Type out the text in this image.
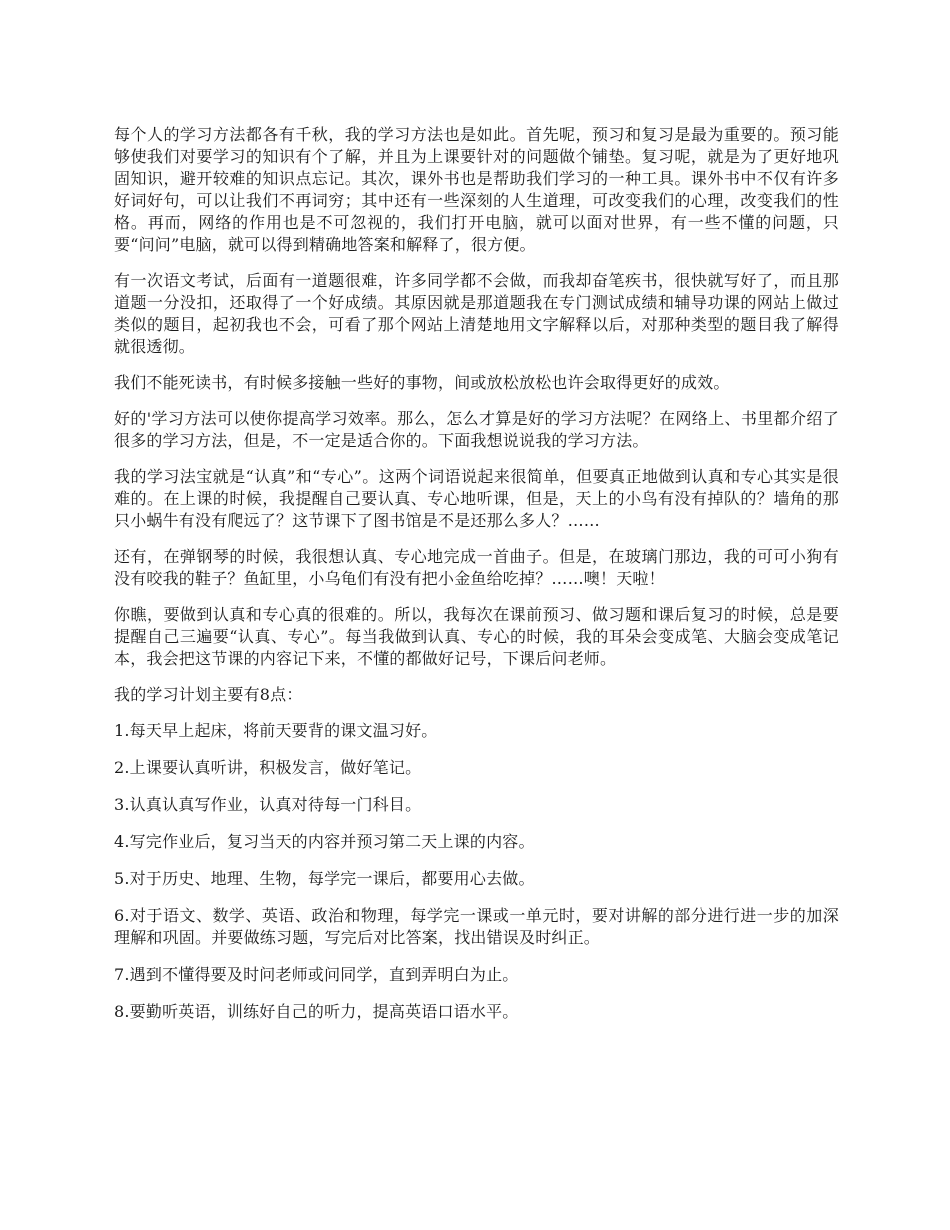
每个人的学习方法都各有千秋，我的学习方法也是如此。首先呢，预习和复习是最为重要的。预习能够使我们对要学习的知识有个了解，并且为上课要针对的问题做个铺垫。复习呢，就是为了更好地巩固知识，避开较难的知识点忘记。其次，课外书也是帮助我们学习的一种工具。课外书中不仅有许多好词好句，可以让我们不再词穷；其中还有一些深刻的人生道理，可改变我们的心理，改变我们的性格。再而，网络的作用也是不可忽视的，我们打开电脑，就可以面对世界，有一些不懂的问题，只要“问问”电脑，就可以得到精确地答案和解释了，很方便。

有一次语文考试，后面有一道题很难，许多同学都不会做，而我却奋笔疾书，很快就写好了，而且那道题一分没扣，还取得了一个好成绩。其原因就是那道题我在专门测试成绩和辅导功课的网站上做过类似的题目，起初我也不会，可看了那个网站上清楚地用文字解释以后，对那种类型的题目我了解得就很透彻。

我们不能死读书，有时候多接触一些好的事物，间或放松放松也许会取得更好的成效。

好的'学习方法可以使你提高学习效率。那么，怎么才算是好的学习方法呢？在网络上、书里都介绍了很多的学习方法，但是，不一定是适合你的。下面我想说说我的学习方法。

我的学习法宝就是“认真”和“专心”。这两个词语说起来很简单，但要真正地做到认真和专心其实是很难的。在上课的时候，我提醒自己要认真、专心地听课，但是，天上的小鸟有没有掉队的？墙角的那只小蜗牛有没有爬远了？这节课下了图书馆是不是还那么多人？……

还有，在弹钢琴的时候，我很想认真、专心地完成一首曲子。但是，在玻璃门那边，我的可可小狗有没有咬我的鞋子？鱼缸里，小乌龟们有没有把小金鱼给吃掉？……噢！天啦！

你瞧，要做到认真和专心真的很难的。所以，我每次在课前预习、做习题和课后复习的时候，总是要提醒自己三遍要“认真、专心”。每当我做到认真、专心的时候，我的耳朵会变成笔、大脑会变成笔记本，我会把这节课的内容记下来，不懂的都做好记号，下课后问老师。

我的学习计划主要有8点：

1.每天早上起床，将前天要背的课文温习好。

2.上课要认真听讲，积极发言，做好笔记。

3.认真认真写作业，认真对待每一门科目。

4.写完作业后，复习当天的内容并预习第二天上课的内容。

5.对于历史、地理、生物，每学完一课后，都要用心去做。

6.对于语文、数学、英语、政治和物理，每学完一课或一单元时，要对讲解的部分进行进一步的加深理解和巩固。并要做练习题，写完后对比答案，找出错误及时纠正。

7.遇到不懂得要及时问老师或问同学，直到弄明白为止。

8.要勤听英语，训练好自己的听力，提高英语口语水平。
